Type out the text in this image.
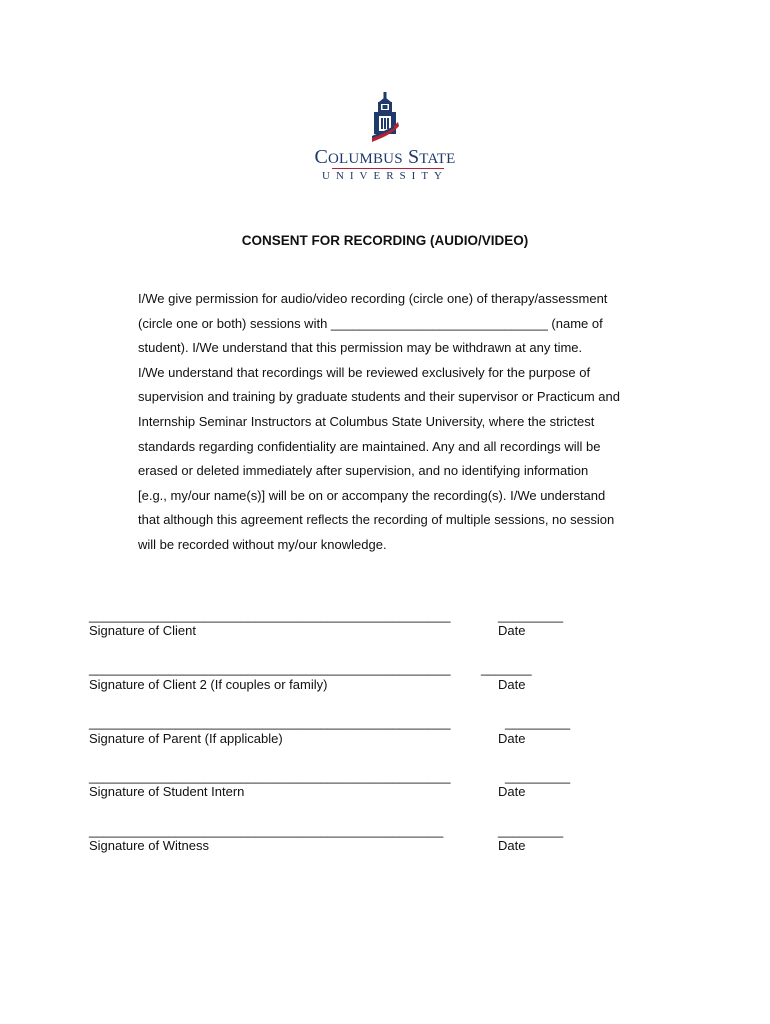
COLUMBUS STATE
UNIVERSITY
CONSENT FOR RECORDING (AUDIO/VIDEO)
I/We give permission for audio/video recording (circle one) of therapy/assessment
(circle one or both) sessions with ______________________________ (name of
student). I/We understand that this permission may be withdrawn at any time.
I/We understand that recordings will be reviewed exclusively for the purpose of
supervision and training by graduate students and their supervisor or Practicum and
Internship Seminar Instructors at Columbus State University, where the strictest
standards regarding confidentiality are maintained. Any and all recordings will be
erased or deleted immediately after supervision, and no identifying information
[e.g., my/our name(s)] will be on or accompany the recording(s). I/We understand
that although this agreement reflects the recording of multiple sessions, no session
will be recorded without my/our knowledge.
__________________________________________________	_________
Signature of Client	Date
__________________________________________________ _______
Signature of Client 2 (If couples or family)	Date
__________________________________________________	_________
Signature of Parent (If applicable)	Date
__________________________________________________	_________
Signature of Student Intern	Date
_________________________________________________	_________
Signature of Witness	Date
